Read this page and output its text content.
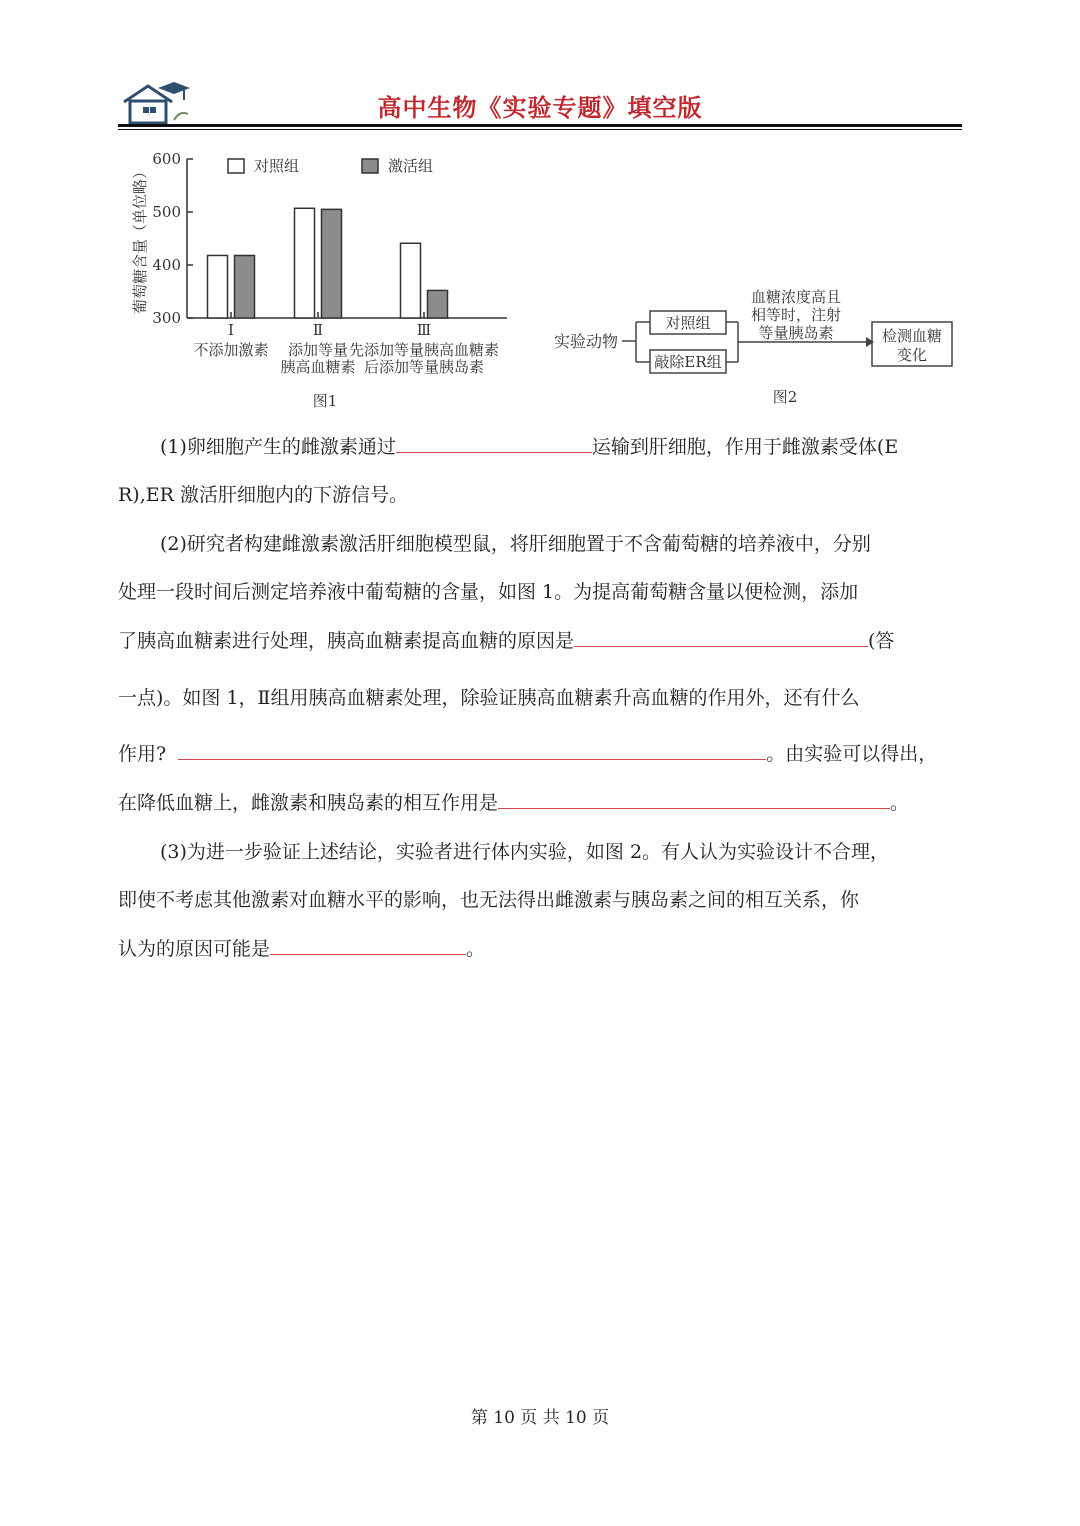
高中生物《实验专题》填空版
600
500
400
300
葡萄糖含量（单位略）	对照组	激活组
Ⅰ
不添加激素
Ⅱ
添加等量
胰高血糖素
Ⅲ
先添加等量胰高血糖素
后添加等量胰岛素
图1
实验动物
对照组
敲除ER组
血糖浓度高且
相等时，注射
等量胰岛素	检测血糖
变化
图2
(1)卵细胞产生的雌激素通过	运输到肝细胞，作用于雌激素受体(E
R),ER 激活肝细胞内的下游信号。
(2)研究者构建雌激素激活肝细胞模型鼠，将肝细胞置于不含葡萄糖的培养液中，分别
处理一段时间后测定培养液中葡萄糖的含量，如图 1。为提高葡萄糖含量以便检测，添加
了胰高血糖素进行处理，胰高血糖素提高血糖的原因是	(答
一点)。如图 1，Ⅱ组用胰高血糖素处理，除验证胰高血糖素升高血糖的作用外，还有什么
作用?	。由实验可以得出，
在降低血糖上，雌激素和胰岛素的相互作用是	。
(3)为进一步验证上述结论，实验者进行体内实验，如图 2。有人认为实验设计不合理，
即使不考虑其他激素对血糖水平的影响，也无法得出雌激素与胰岛素之间的相互关系，你
认为的原因可能是	。
第 10 页 共 10 页
